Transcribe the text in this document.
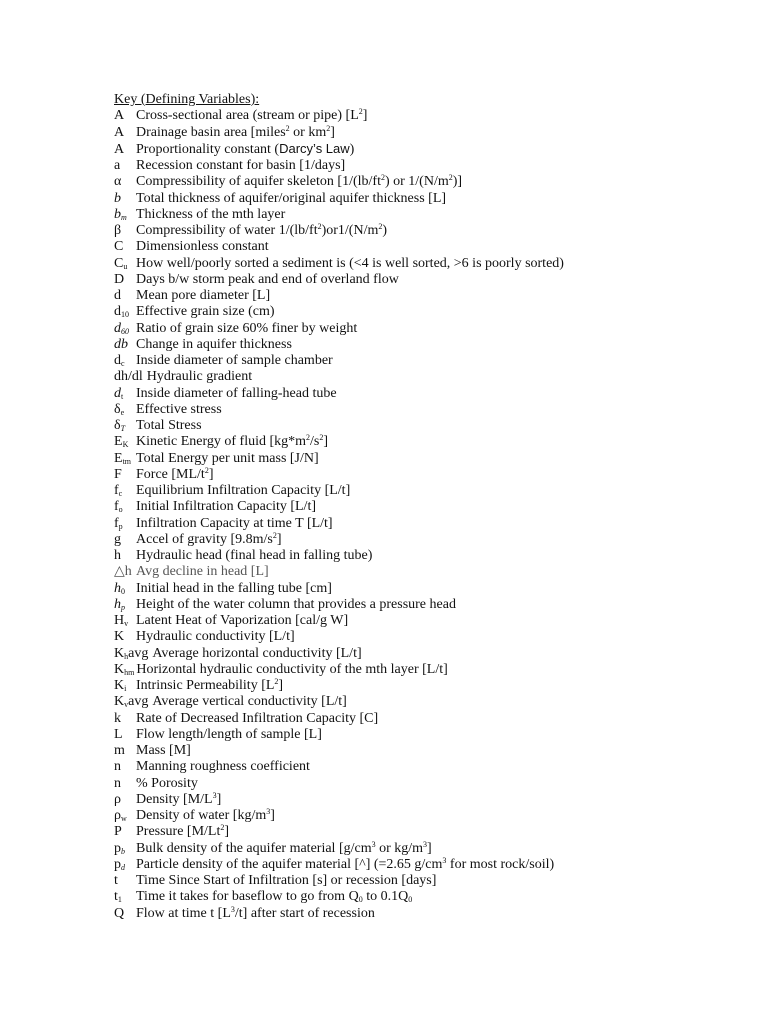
Key (Defining Variables):
A Cross-sectional area (stream or pipe) $[L^2]$
A Drainage basin area [miles$^2$ or $km^2$]
A Proportionality constant (Darcy’s Law)
a	Recession constant for basin [1/days]
α	Compressibility of aquifer skeleton [$1/(lb/ft^2)$ or $1/(N/m^2)$]
b	Total thickness of aquifer/original aquifer thickness [L]
$b_m$ Thickness of the mth layer
β	Compressibility of water $1/(lb/ft^2)or1/(N/m^2)$
C Dimensionless constant
$C_u$ How well/poorly sorted a sediment is (<4 is well sorted, >6 is poorly sorted)
D Days b/w storm peak and end of overland flow
d	Mean pore diameter [L]
$d_{10}$ Effective grain size (cm)
$d_{60}$ Ratio of grain size 60% finer by weight
db Change in aquifer thickness
$d_c$ Inside diameter of sample chamber
dh/dl Hydraulic gradient
$d_t$ Inside diameter of falling-head tube
$\delta_e$ Effective stress
$\delta_T$ Total Stress
$E_K$ Kinetic Energy of fluid $[kg*m^2/s^2]$
$E_{tm}$ Total Energy per unit mass [J/N]
F	Force $[ML/t^2]$
$f_c$ Equilibrium Infiltration Capacity [L/t]
$f_o$ Initial Infiltration Capacity [L/t]
$f_p$ Infiltration Capacity at time T [L/t]
g	Accel of gravity $[9.8m/s^2]$
h	Hydraulic head (final head in falling tube)
△h Avg decline in head [L]
$h_0$ Initial head in the falling tube [cm]
$h_p$ Height of the water column that provides a pressure head
$H_v$ Latent Heat of Vaporization [cal/g W]
K Hydraulic conductivity [L/t]
$K_havg$ Average horizontal conductivity [L/t]
$K_{hm}$ Horizontal hydraulic conductivity of the mth layer [L/t]
$K_i$ Intrinsic Permeability $[L^2]$
$K_vavg$ Average vertical conductivity [L/t]
k	Rate of Decreased Infiltration Capacity [C]
L Flow length/length of sample [L]
m Mass [M]
n	Manning roughness coefficient
n	% Porosity
ρ	Density $[M/L^3]$
$\rho_w$ Density of water $[kg/m^3]$
P	Pressure [M/Lt$^2$]
$p_b$ Bulk density of the aquifer material [$g/cm^3$ or $kg/m^3$]
$p_d$ Particle density of the aquifer material [^] (=2.65 $g/cm^3$ for most rock/soil)
t	Time Since Start of Infiltration [s] or recession [days]
$t_1$	Time it takes for baseflow to go from $Q_0$ to $0.1Q_0$
Q Flow at time t $[L^3/t]$ after start of recession
